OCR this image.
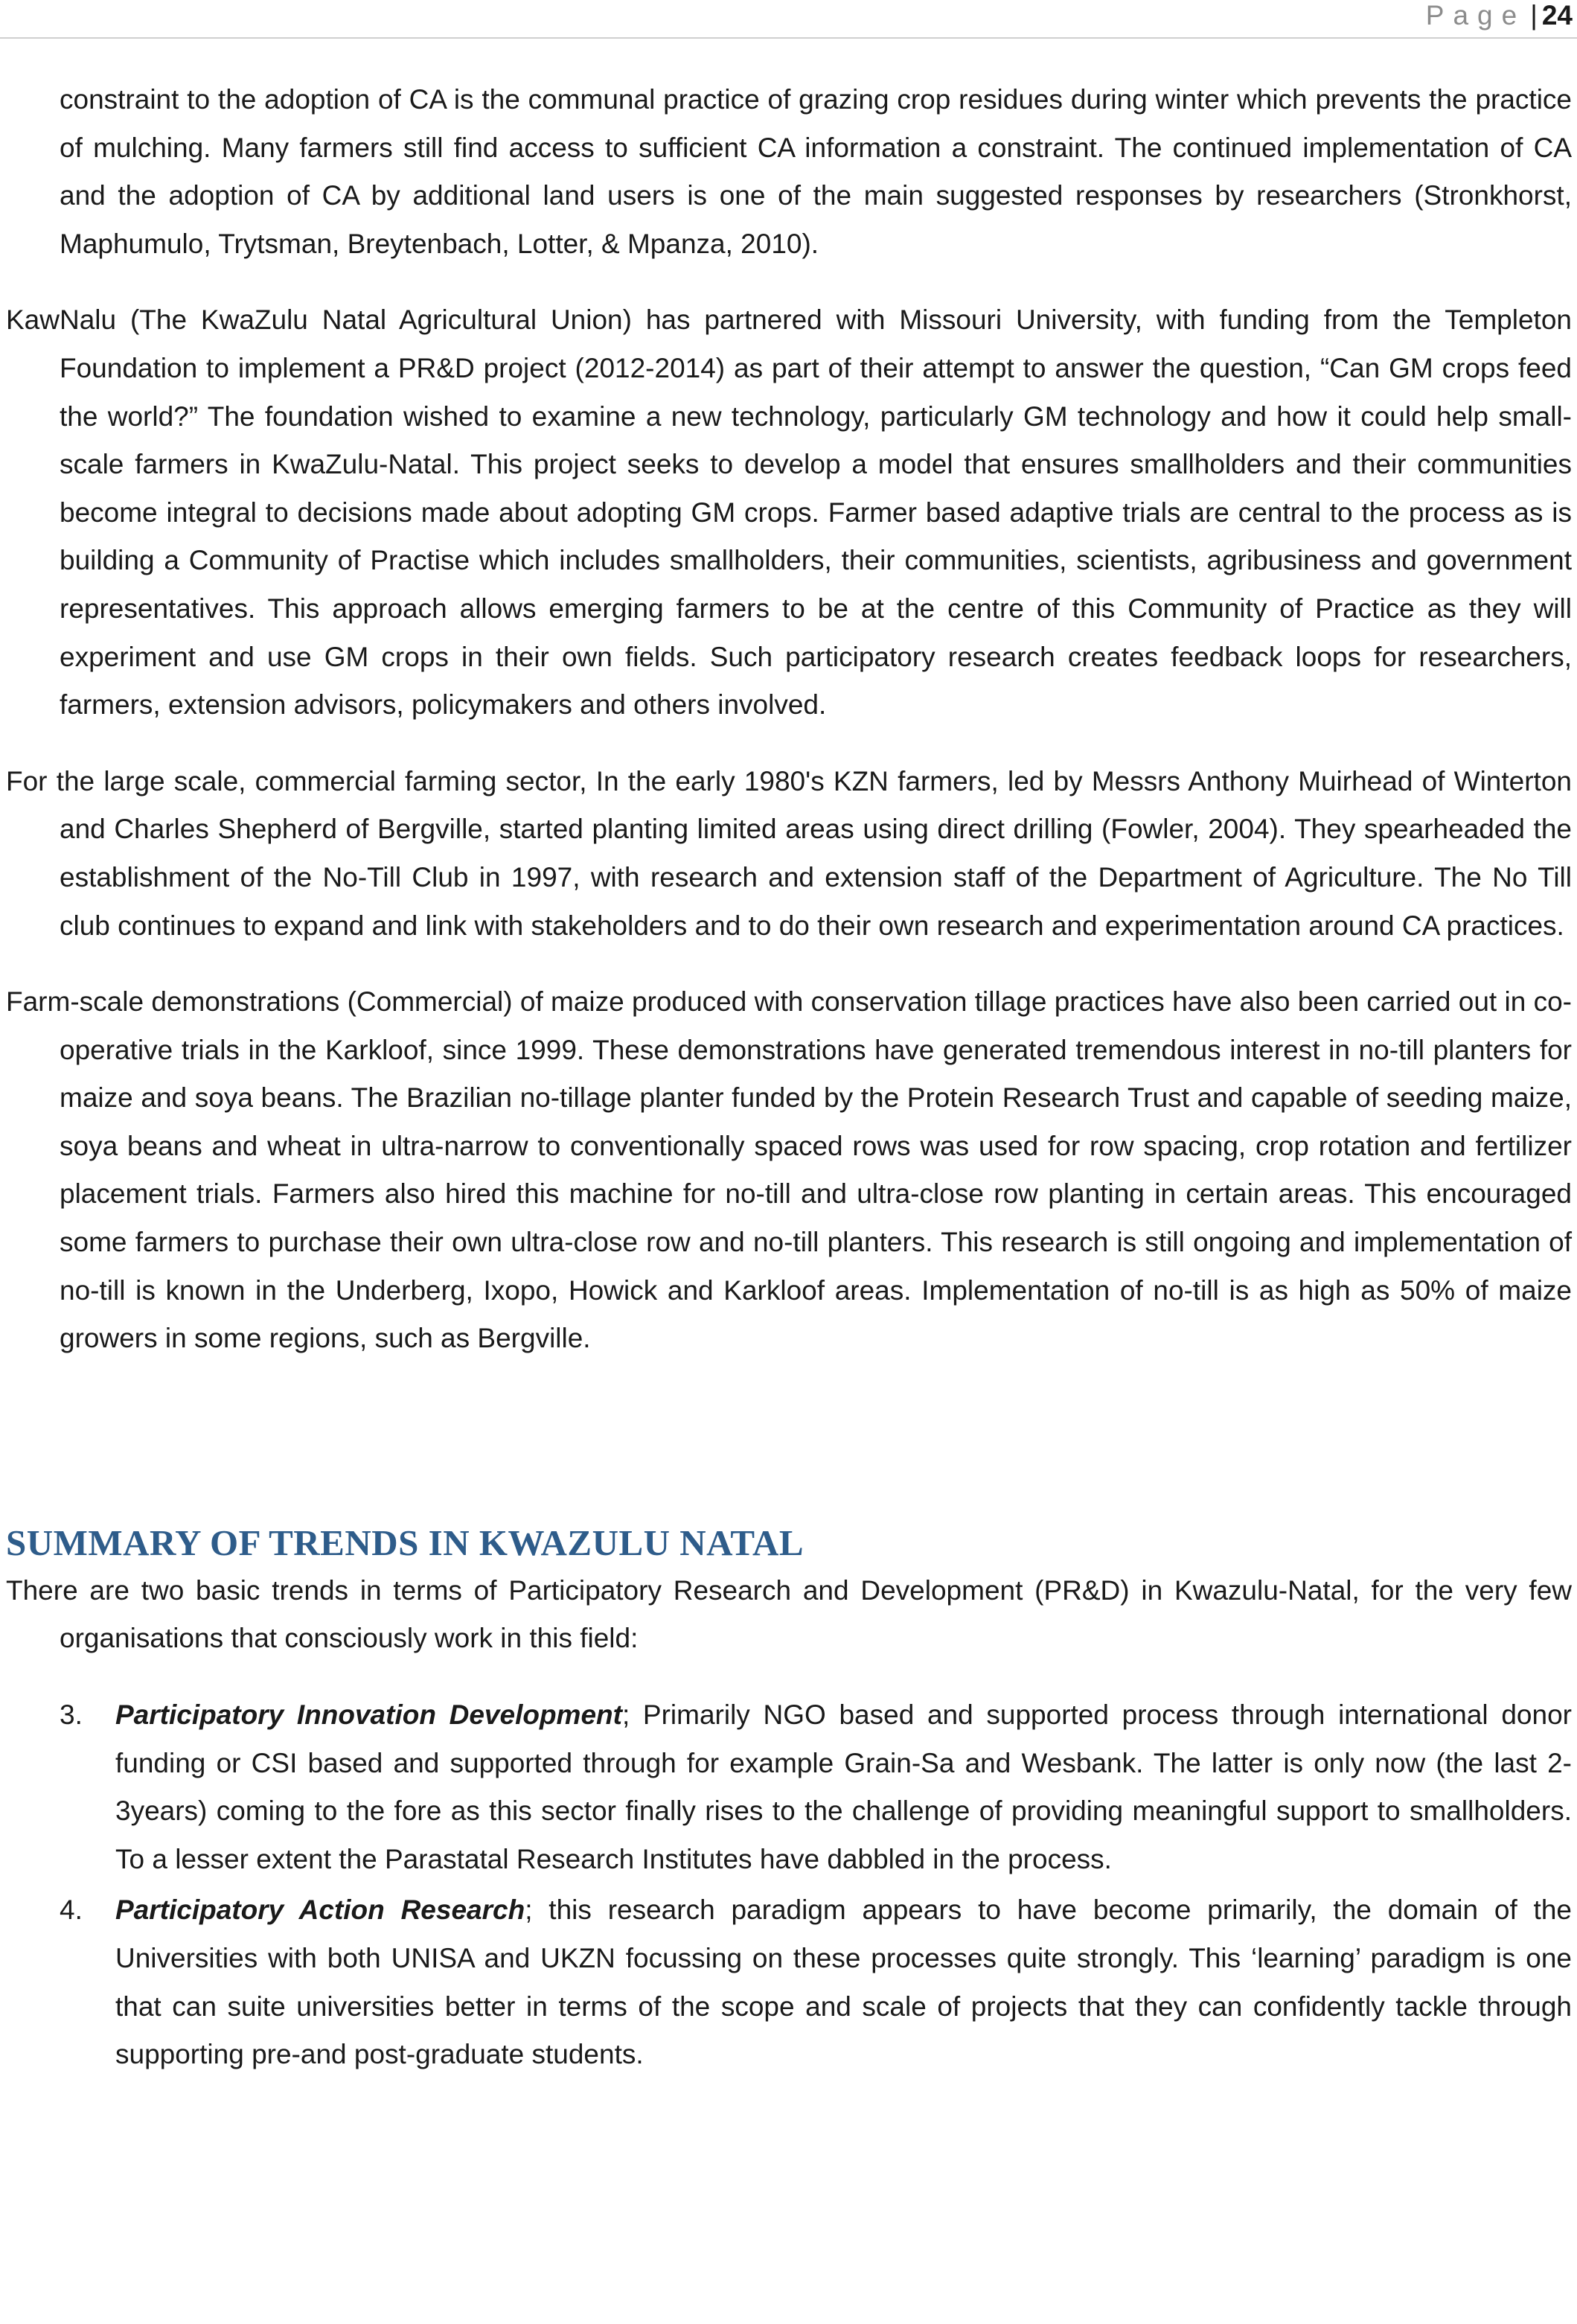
Page | 24

constraint to the adoption of CA is the communal practice of grazing crop residues during winter which prevents the practice of mulching. Many farmers still find access to sufficient CA information a constraint. The continued implementation of CA and the adoption of CA by additional land users is one of the main suggested responses by researchers (Stronkhorst, Maphumulo, Trytsman, Breytenbach, Lotter, & Mpanza, 2010).

KawNalu (The KwaZulu Natal Agricultural Union) has partnered with Missouri University, with funding from the Templeton Foundation to implement a PR&D project (2012-2014) as part of their attempt to answer the question, “Can GM crops feed the world?” The foundation wished to examine a new technology, particularly GM technology and how it could help small-scale farmers in KwaZulu-Natal. This project seeks to develop a model that ensures smallholders and their communities become integral to decisions made about adopting GM crops. Farmer based adaptive trials are central to the process as is building a Community of Practise which includes smallholders, their communities, scientists, agribusiness and government representatives. This approach allows emerging farmers to be at the centre of this Community of Practice as they will experiment and use GM crops in their own fields. Such participatory research creates feedback loops for researchers, farmers, extension advisors, policymakers and others involved.

For the large scale, commercial farming sector, In the early 1980's KZN farmers, led by Messrs Anthony Muirhead of Winterton and Charles Shepherd of Bergville, started planting limited areas using direct drilling (Fowler, 2004). They spearheaded the establishment of the No-Till Club in 1997, with research and extension staff of the Department of Agriculture. The No Till club continues to expand and link with stakeholders and to do their own research and experimentation around CA practices.

Farm-scale demonstrations (Commercial) of maize produced with conservation tillage practices have also been carried out in co-operative trials in the Karkloof, since 1999. These demonstrations have generated tremendous interest in no-till planters for maize and soya beans. The Brazilian no-tillage planter funded by the Protein Research Trust and capable of seeding maize, soya beans and wheat in ultra-narrow to conventionally spaced rows was used for row spacing, crop rotation and fertilizer placement trials. Farmers also hired this machine for no-till and ultra-close row planting in certain areas. This encouraged some farmers to purchase their own ultra-close row and no-till planters. This research is still ongoing and implementation of no-till is known in the Underberg, Ixopo, Howick and Karkloof areas. Implementation of no-till is as high as 50% of maize growers in some regions, such as Bergville.

SUMMARY OF TRENDS IN KWAZULU NATAL

There are two basic trends in terms of Participatory Research and Development (PR&D) in Kwazulu-Natal, for the very few organisations that consciously work in this field:

3. Participatory Innovation Development; Primarily NGO based and supported process through international donor funding or CSI based and supported through for example Grain-Sa and Wesbank. The latter is only now (the last 2-3years) coming to the fore as this sector finally rises to the challenge of providing meaningful support to smallholders. To a lesser extent the Parastatal Research Institutes have dabbled in the process.
4. Participatory Action Research; this research paradigm appears to have become primarily, the domain of the Universities with both UNISA and UKZN focussing on these processes quite strongly. This ‘learning’ paradigm is one that can suite universities better in terms of the scope and scale of projects that they can confidently tackle through supporting pre-and post-graduate students.
